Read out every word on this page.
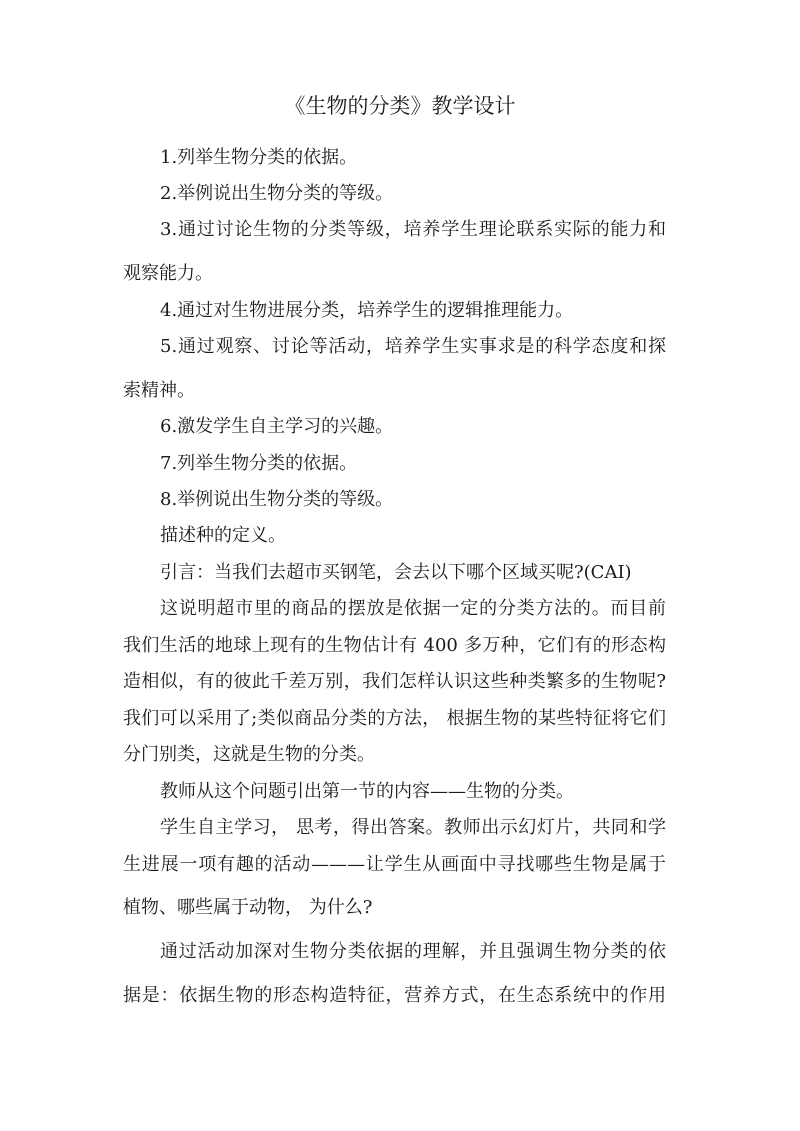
《生物的分类》教学设计
1.列举生物分类的依据。
2.举例说出生物分类的等级。
3.通过讨论生物的分类等级，培养学生理论联系实际的能力和
观察能力。
4.通过对生物进展分类，培养学生的逻辑推理能力。
5.通过观察、讨论等活动，培养学生实事求是的科学态度和探
索精神。
6.激发学生自主学习的兴趣。
7.列举生物分类的依据。
8.举例说出生物分类的等级。
描述种的定义。
引言：当我们去超市买钢笔，会去以下哪个区域买呢?(CAI)
这说明超市里的商品的摆放是依据一定的分类方法的。而目前
我们生活的地球上现有的生物估计有 400 多万种，它们有的形态构
造相似，有的彼此千差万别，我们怎样认识这些种类繁多的生物呢?
我们可以采用了;类似商品分类的方法， 根据生物的某些特征将它们
分门别类，这就是生物的分类。
教师从这个问题引出第一节的内容——生物的分类。
学生自主学习， 思考，得出答案。教师出示幻灯片，共同和学
生进展一项有趣的活动———让学生从画面中寻找哪些生物是属于
植物、哪些属于动物， 为什么?
通过活动加深对生物分类依据的理解，并且强调生物分类的依
据是：依据生物的形态构造特征，营养方式，在生态系统中的作用
